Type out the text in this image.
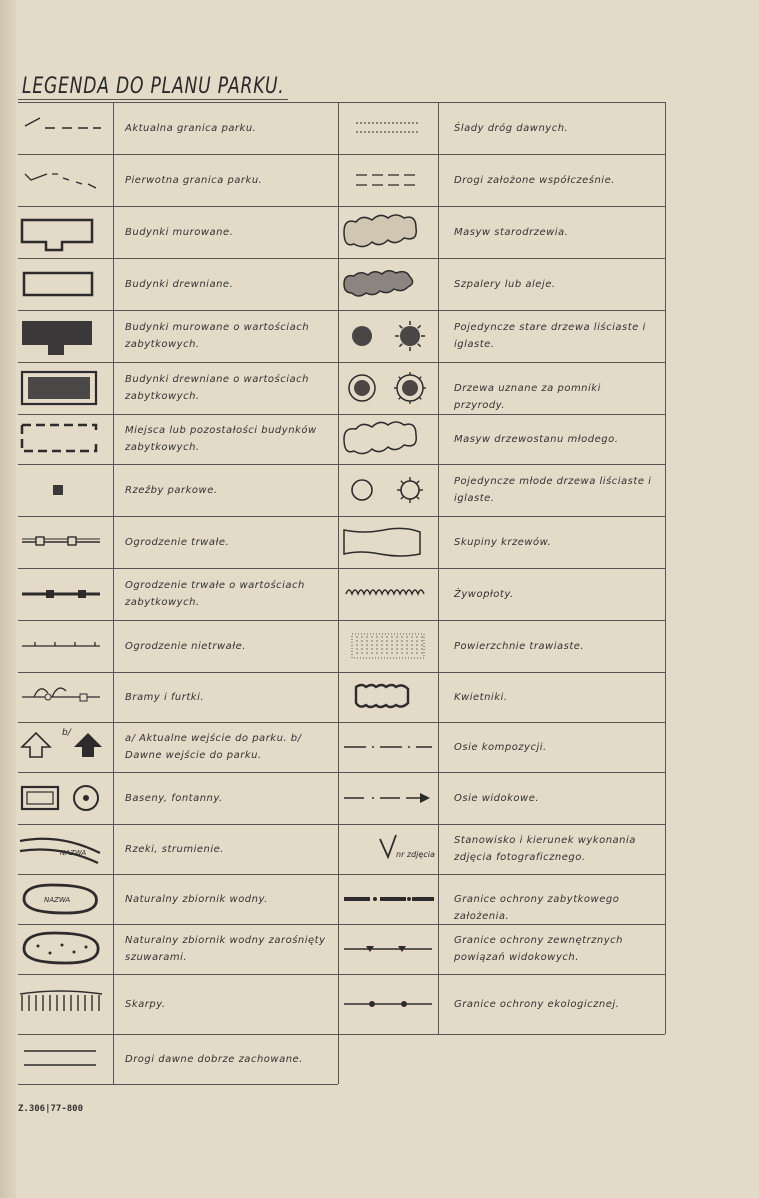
LEGENDA DO PLANU PARKU.
Aktualna granica parku.
Pierwotna granica parku.
Budynki murowane.
Budynki drewniane.
Budynki murowane o wartościach zabytkowych.
Budynki drewniane o wartościach zabytkowych.
Miejsca lub pozostałości budynków zabytkowych.
Rzeźby parkowe.
Ogrodzenie trwałe.
Ogrodzenie trwałe o wartościach zabytkowych.
Ogrodzenie nietrwałe.
Bramy i furtki.
a/ Aktualne wejście do parku. b/ Dawne wejście do parku.
Baseny, fontanny.
Rzeki, strumienie.
Naturalny zbiornik wodny.
Naturalny zbiornik wodny zarośnięty szuwarami.
Skarpy.
Drogi dawne dobrze zachowane.
Ślady dróg dawnych.
Drogi założone współcześnie.
Masyw starodrzewia.
Szpalery lub aleje.
Pojedyncze stare drzewa liściaste i iglaste.
Drzewa uznane za pomniki przyrody.
Masyw drzewostanu młodego.
Pojedyncze młode drzewa liściaste i iglaste.
Skupiny krzewów.
Żywopłoty.
Powierzchnie trawiaste.
Kwietniki.
Osie kompozycji.
Osie widokowe.
Stanowisko i kierunek wykonania zdjęcia fotograficznego.
Granice ochrony zabytkowego założenia.
Granice ochrony zewnętrznych powiązań widokowych.
Granice ochrony ekologicznej.
b/
NAZWA
NAZWA
nr zdjęcia
Z.306|77-800
